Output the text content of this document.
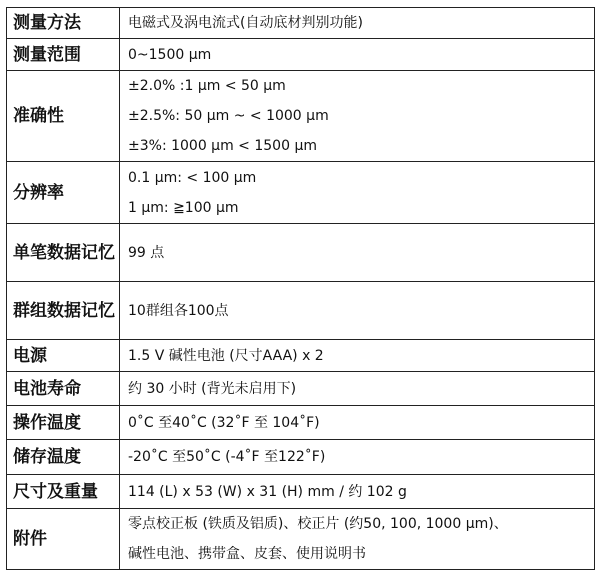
测量方法	电磁式及涡电流式(自动底材判别功能)

测量范围	0~1500 µm

准确性	±2.0% :1 µm < 50 µm
±2.5%: 50 µm ~ < 1000 µm
±3%: 1000 µm < 1500 µm

分辨率	0.1 µm: < 100 µm
1 µm: ≧100 µm

单笔数据记忆	99 点

群组数据记忆	10群组各100点

电源	1.5 V 碱性电池 (尺寸AAA) x 2

电池寿命	约 30 小时 (背光未启用下)

操作温度	0˚C 至40˚C (32˚F 至 104˚F)

储存温度	-20˚C 至50˚C (-4˚F 至122˚F)

尺寸及重量	114 (L) x 53 (W) x 31 (H) mm / 约 102 g

附件	零点校正板 (铁质及铝质)、校正片 (约50, 100, 1000 µm)、
碱性电池、携带盒、皮套、使用说明书
